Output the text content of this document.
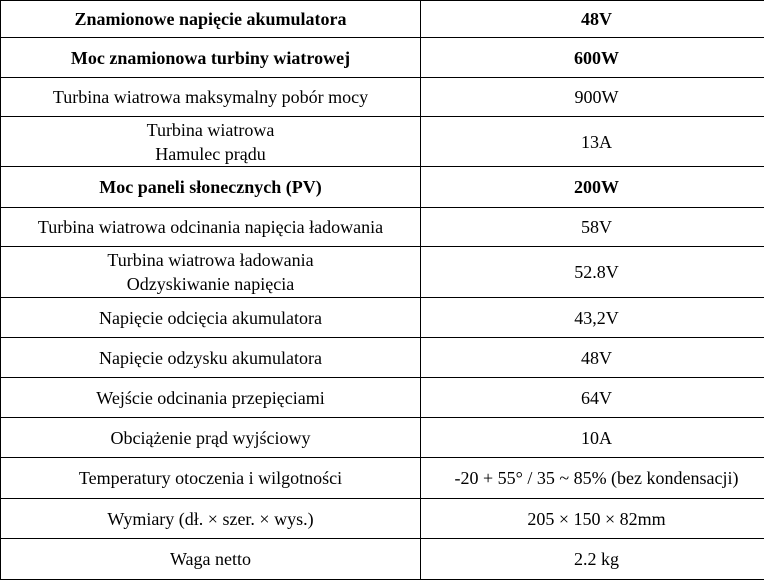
Znamionowe napięcie akumulatora	48V

Moc znamionowa turbiny wiatrowej	600W

Turbina wiatrowa maksymalny pobór mocy	900W

Turbina wiatrowa
Hamulec prądu	13A

Moc paneli słonecznych (PV)	200W

Turbina wiatrowa odcinania napięcia ładowania	58V

Turbina wiatrowa ładowania
Odzyskiwanie napięcia	52.8V

Napięcie odcięcia akumulatora	43,2V

Napięcie odzysku akumulatora	48V

Wejście odcinania przepięciami	64V

Obciążenie prąd wyjściowy	10A

Temperatury otoczenia i wilgotności	-20 + 55° / 35 ~ 85% (bez kondensacji)

Wymiary (dł. × szer. × wys.)	205 × 150 × 82mm

Waga netto	2.2 kg
